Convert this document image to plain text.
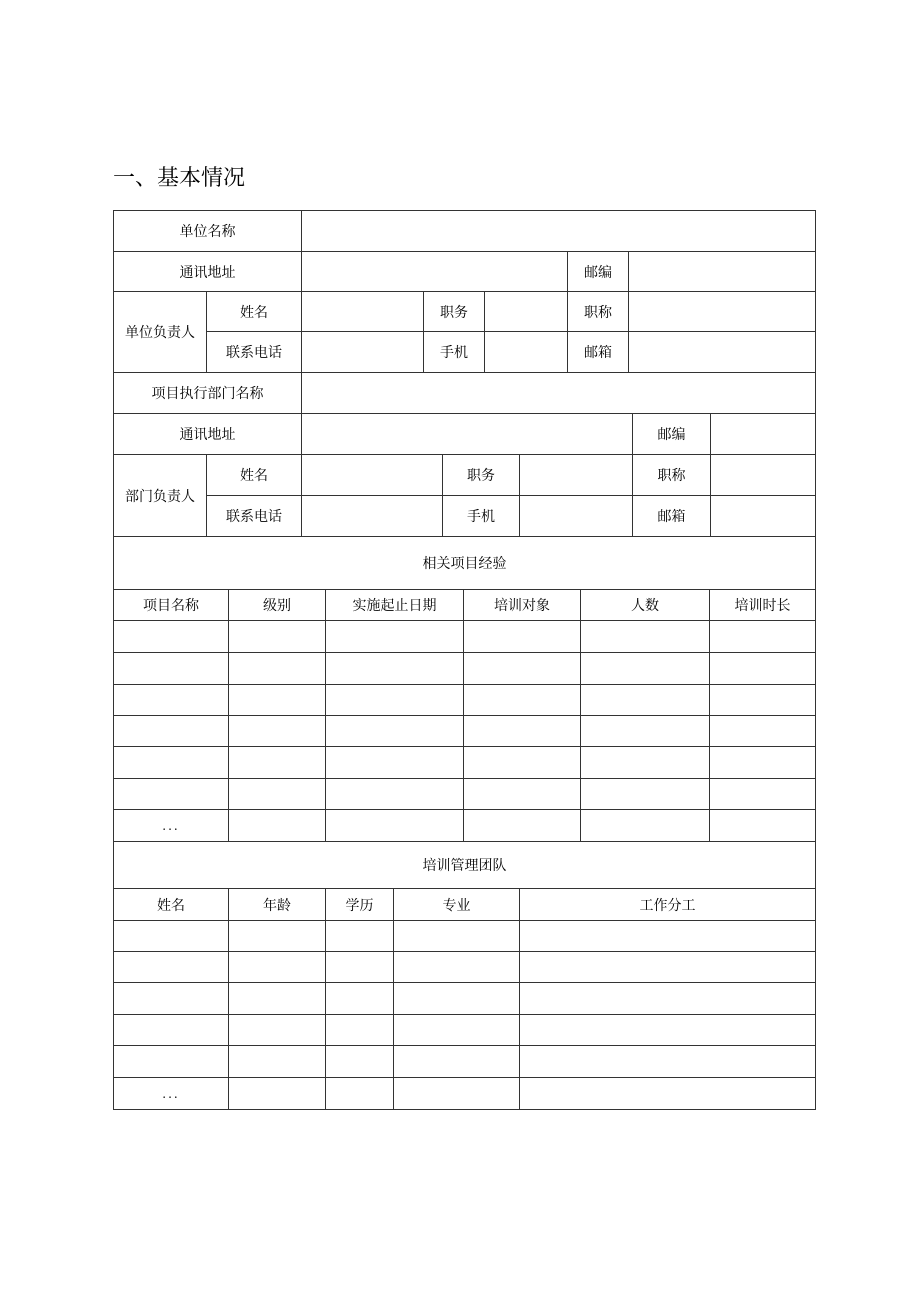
一、基本情况
单位名称
通讯地址	邮编
单位负责人
姓名	职务	职称
联系电话	手机	邮箱
项目执行部门名称
通讯地址	邮编
部门负责人
姓名	职务	职称
联系电话	手机	邮箱
相关项目经验
项目名称	级别	实施起止日期	培训对象	人数	培训时长
...
培训管理团队
姓名	年龄	学历	专业	工作分工
...
